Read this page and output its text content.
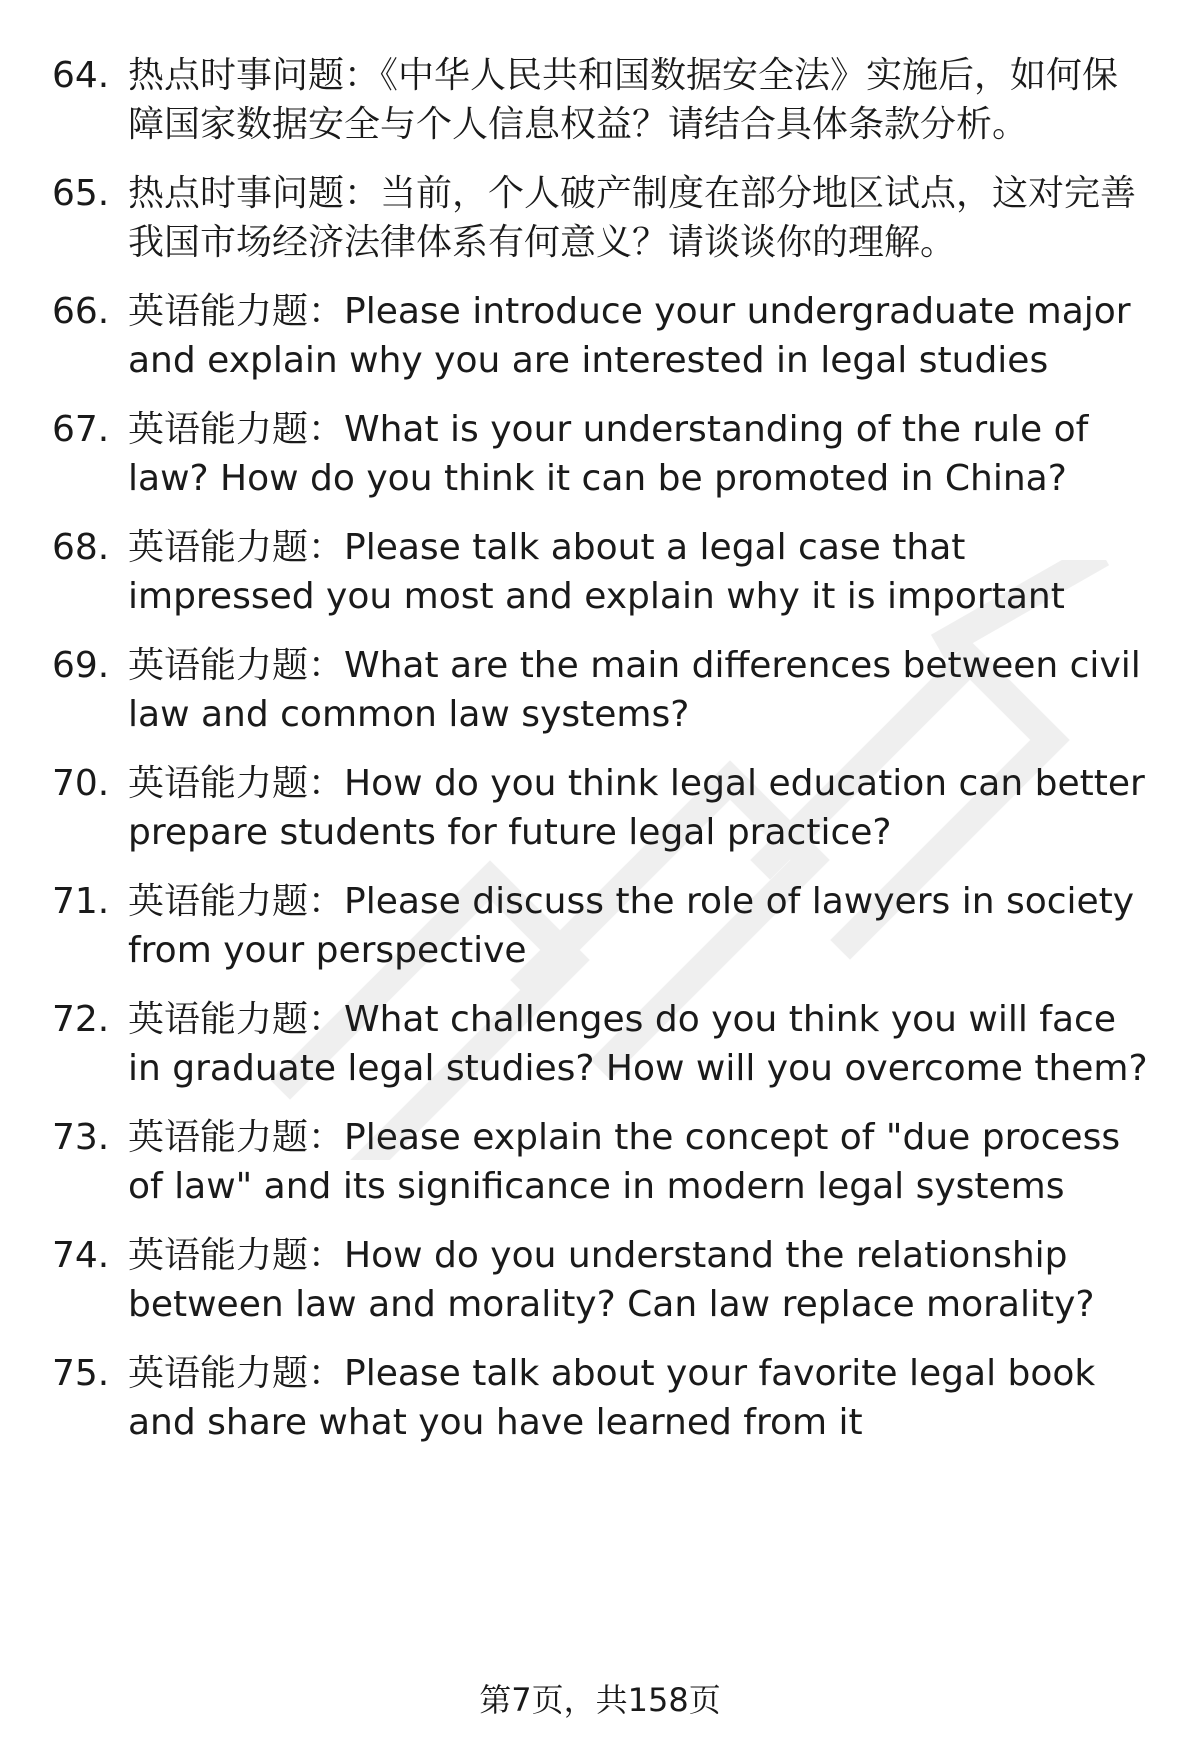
64. 热点时事问题：《中华人民共和国数据安全法》实施后，如何保障国家数据安全与个人信息权益？请结合具体条款分析。
65. 热点时事问题：当前，个人破产制度在部分地区试点，这对完善我国市场经济法律体系有何意义？请谈谈你的理解。
66. 英语能力题：Please introduce your undergraduate major and explain why you are interested in legal studies
67. 英语能力题：What is your understanding of the rule of law? How do you think it can be promoted in China?
68. 英语能力题：Please talk about a legal case that impressed you most and explain why it is important
69. 英语能力题：What are the main differences between civil law and common law systems?
70. 英语能力题：How do you think legal education can better prepare students for future legal practice?
71. 英语能力题：Please discuss the role of lawyers in society from your perspective
72. 英语能力题：What challenges do you think you will face in graduate legal studies? How will you overcome them?
73. 英语能力题：Please explain the concept of "due process of law" and its significance in modern legal systems
74. 英语能力题：How do you understand the relationship between law and morality? Can law replace morality?
75. 英语能力题：Please talk about your favorite legal book and share what you have learned from it
第7页，共158页
